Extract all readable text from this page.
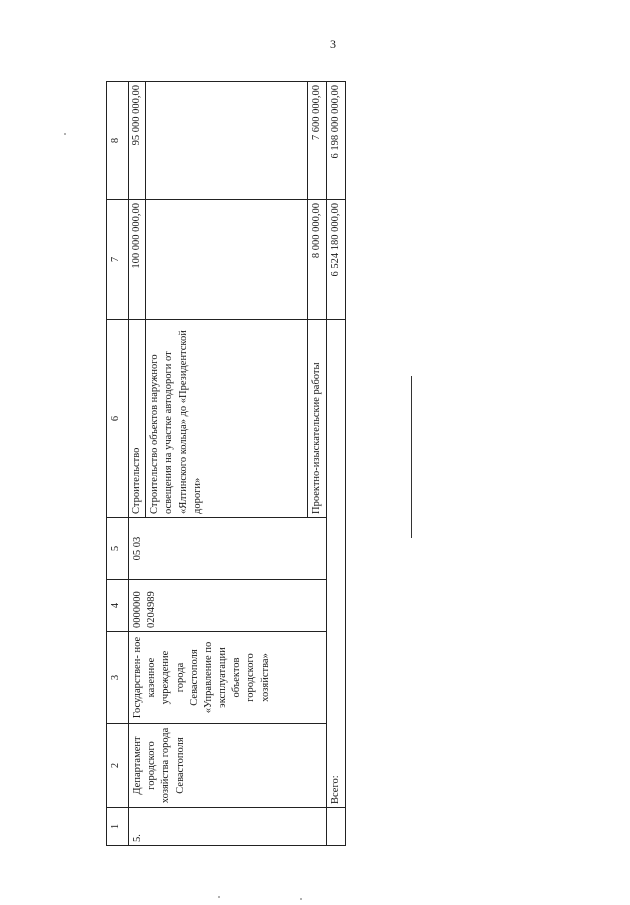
3
1	2	3	4	5	6	7	8
5.	Департамент городского хозяйства города Севастополя	Государствен- ное казенное учреждение города Севастополя «Управление по эксплуатации объектов городского хозяйства»	0000000 0204989	05 03	Строительство Строительство объектов наружного освещения на участке автодороги от «Ялтинского кольца» до «Президентской дороги»	100 000 000,00	95 000 000,00

					Проектно-изыскательские работы	8 000 000,00	7 600 000,00
	Всего:					6 524 180 000,00	6 198 000 000,00
